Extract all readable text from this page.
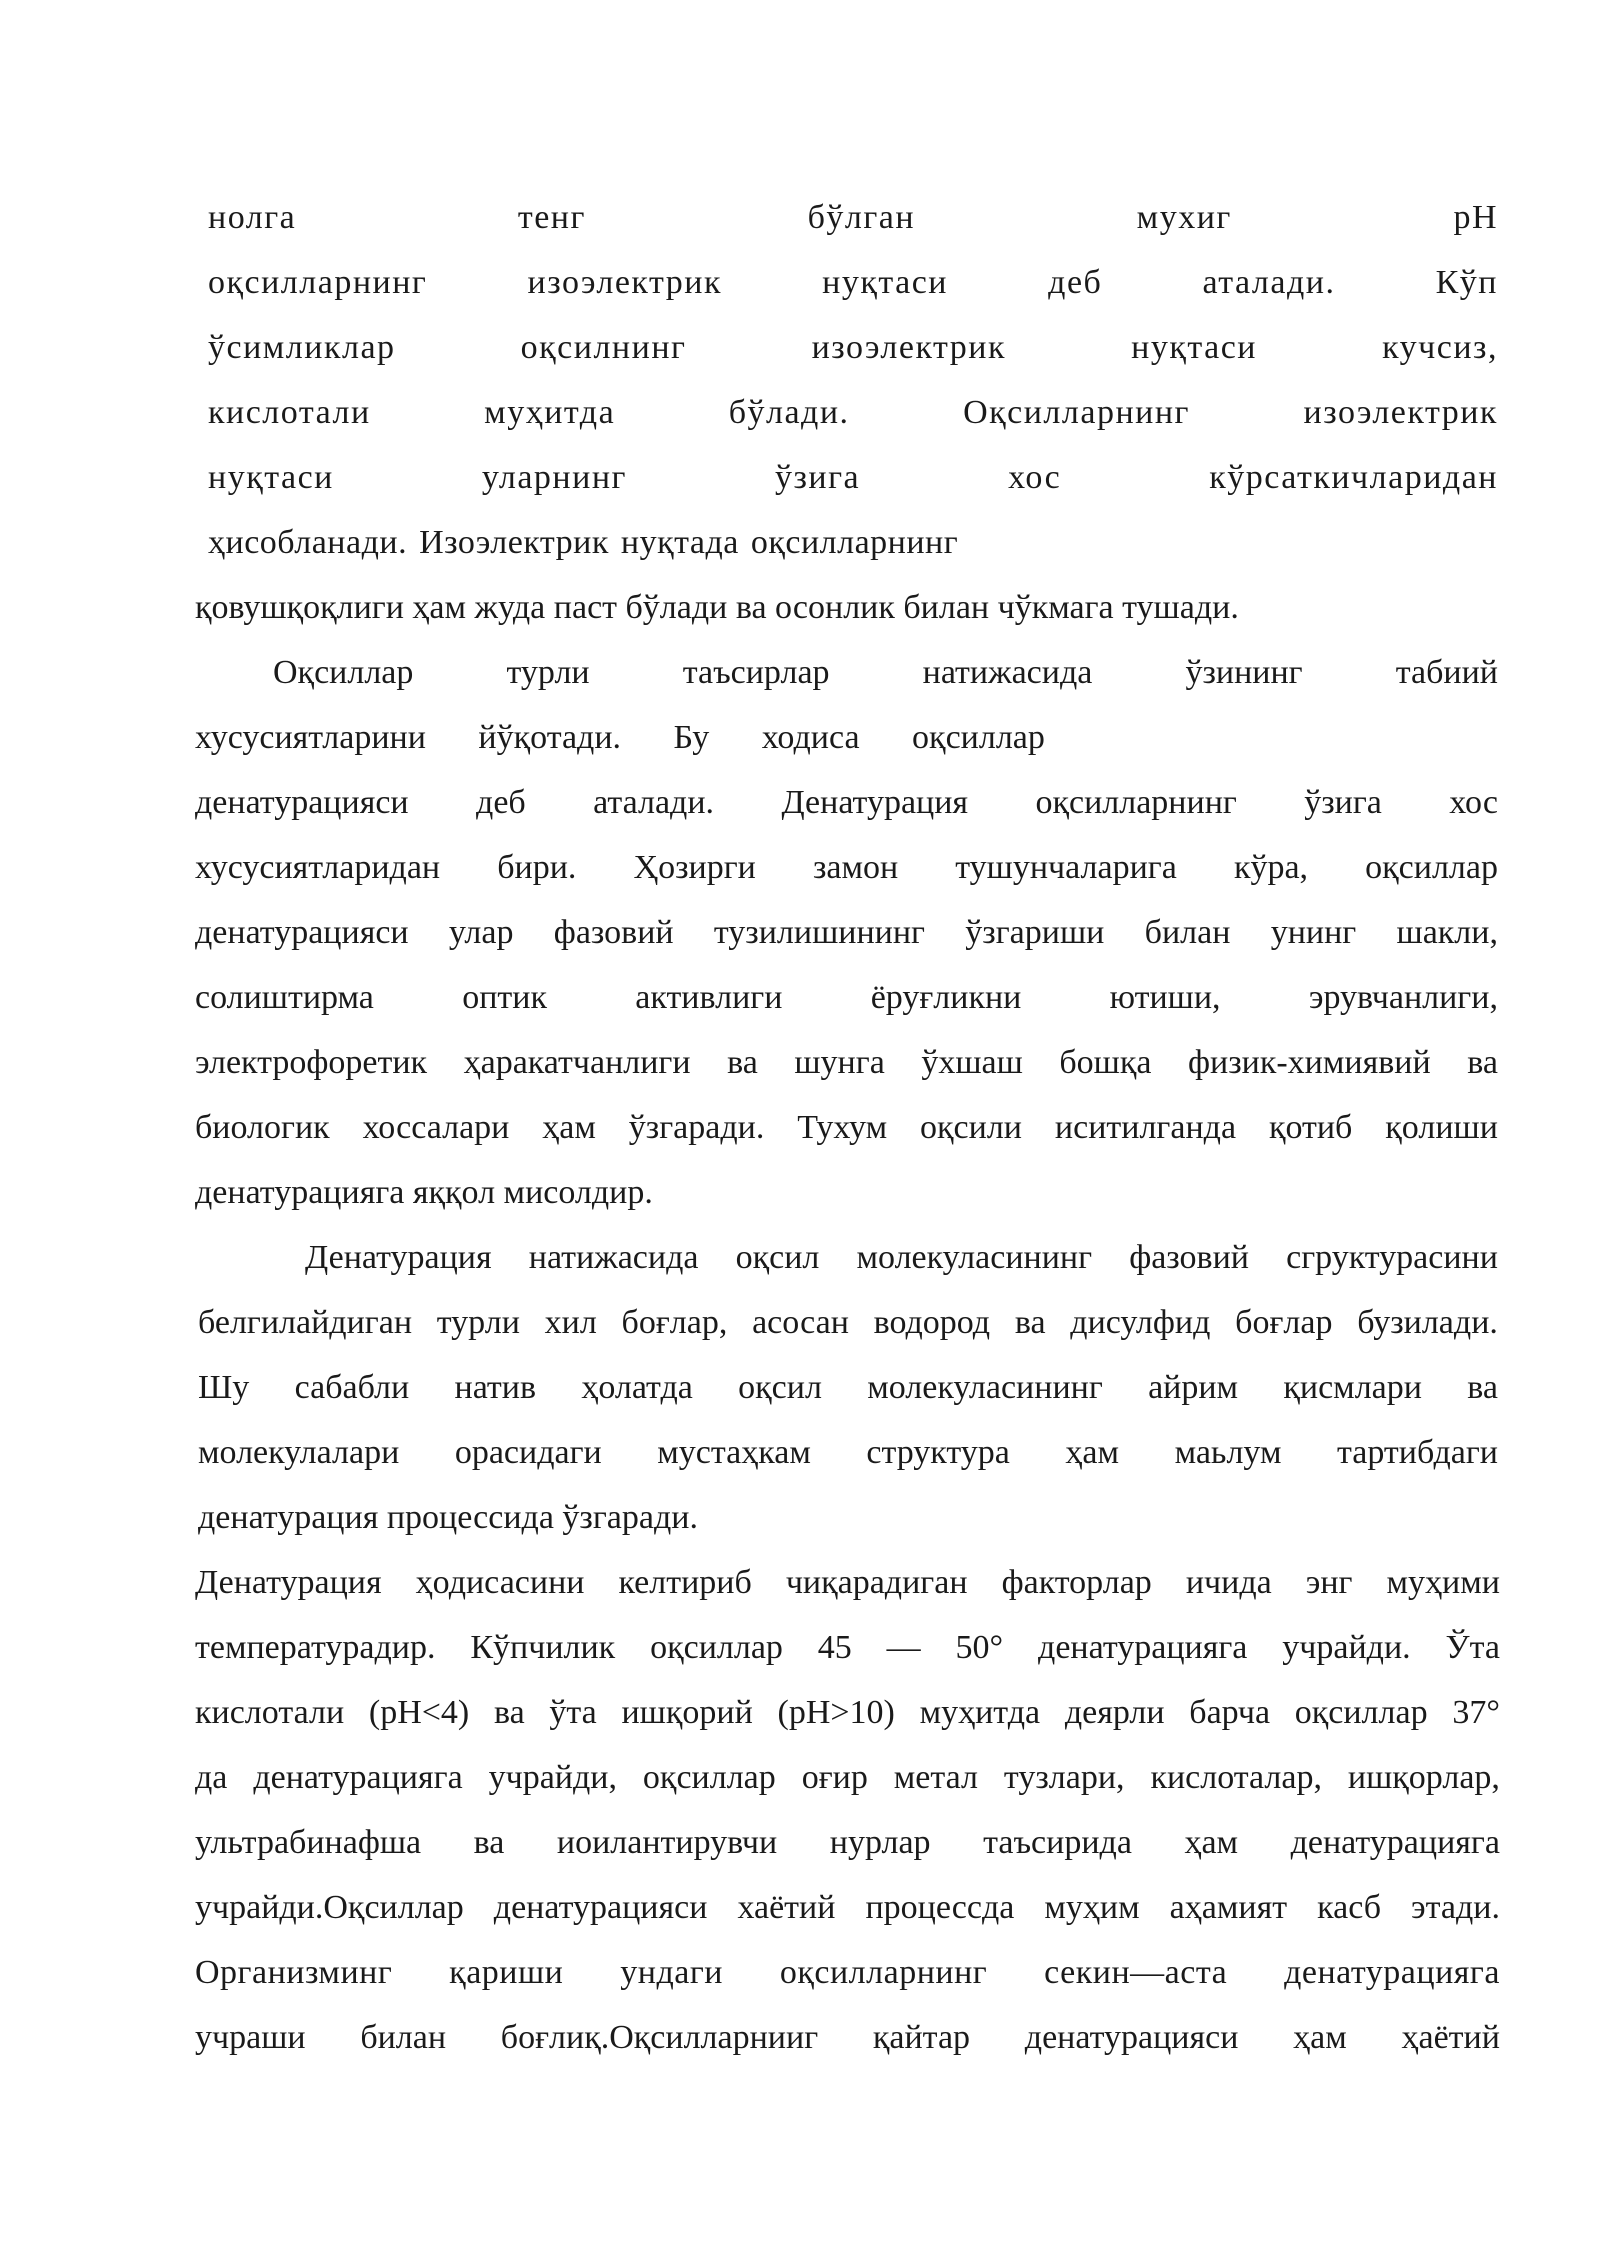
нолга	тенг	бўлган	мухиг	pH
оқсилларнинг	изоэлектрик	нуқтаси	деб	аталади.	Кўп
ўсимликлар	оқсилнинг	изоэлектрик	нуқтаси	кучсиз,
кислотали	муҳитда	бўлади.	Оқсилларнинг	изоэлектрик
нуқтаси	уларнинг	ўзига	хос	кўрсаткичларидан
ҳисобланади. Изоэлектрик нуқтада оқсилларнинг
қовушқоқлиги ҳам жуда паст бўлади ва осонлик билан чўкмага тушади.
Оқсиллар	турли	таъсирлар	натижасида	ўзининг	табиий
хусусиятларини йўқотади. Бу ходиса оқсиллар
денатурацияси деб аталади. Денатурация оқсилларнинг ўзига хос
хусусиятларидан бири. Ҳозирги замон тушунчаларига кўра, оқсиллар
денатурацияси улар фазовий тузилишининг ўзгариши билан унинг шакли,
солиштирма	оптик	активлиги	ёруғликни	ютиши,	эрувчанлиги,
электрофоретик ҳаракатчанлиги ва шунга ўхшаш бошқа физик-химиявий ва
биологик хоссалари ҳам ўзгаради. Тухум оқсили иситилганда қотиб қолиши
денатурацияга яққол мисолдир.
Денатурация натижасида оқсил молекуласининг фазовий сгруктурасини
белгилайдиган турли хил боғлар, асосан водород ва дисулфид боғлар бузилади.
Шу сабабли натив ҳолатда оқсил молекуласининг айрим қисмлари ва
молекулалари орасидаги мустаҳкам структура ҳам маьлум тартибдаги
денатурация процессида ўзгаради.
Денатурация ҳодисасини келтириб чиқарадиган факторлар ичида энг муҳими
температурадир. Кўпчилик оқсиллар 45 — 50° денатурацияга учрайди. Ўта
кислотали (рН<4) ва ўта ишқорий (рН>10) муҳитда деярли барча оқсиллар 37°
да денатурацияга учрайди, оқсиллар оғир метал тузлари, кислоталар, ишқорлар,
ультрабинафша ва иоилантирувчи нурлар таъсирида ҳам денатурацияга
учрайди.Оқсиллар денатурацияси хаётий процессда муҳим аҳамият касб этади.
Организминг қариши ундаги оқсилларнинг секин—аста денатурацияга
учраши билан боғлиқ.Оқсилларнииг қайтар денатурацияси ҳам ҳаётий
